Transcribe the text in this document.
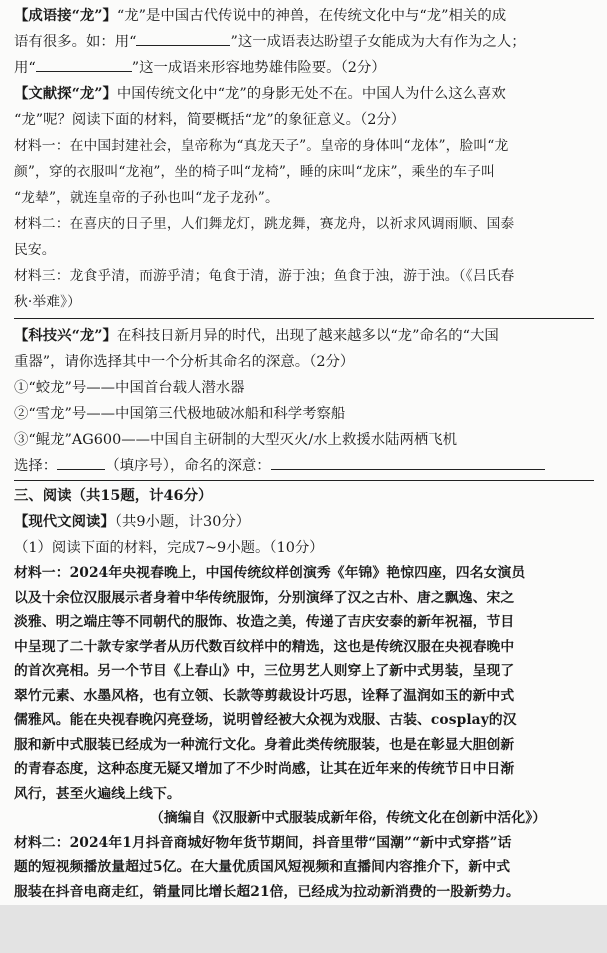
【成语接“龙”】“龙”是中国古代传说中的神兽，在传统文化中与“龙”相关的成

语有很多。如：用“	”这一成语表达盼望子女能成为大有作为之人；

用“	”这一成语来形容地势雄伟险要。（2分）

【文献探“龙”】中国传统文化中“龙”的身影无处不在。中国人为什么这么喜欢

“龙”呢？阅读下面的材料，简要概括“龙”的象征意义。（2分）

材料一：在中国封建社会，皇帝称为“真龙天子”。皇帝的身体叫“龙体”，脸叫“龙

颜”，穿的衣服叫“龙袍”，坐的椅子叫“龙椅”，睡的床叫“龙床”，乘坐的车子叫

“龙辇”，就连皇帝的子孙也叫“龙子龙孙”。

材料二：在喜庆的日子里，人们舞龙灯，跳龙舞，赛龙舟，以祈求风调雨顺、国泰

民安。

材料三：龙食乎清，而游乎清；龟食于清，游于浊；鱼食于浊，游于浊。（《吕氏春

秋·举难》）

【科技兴“龙”】在科技日新月异的时代，出现了越来越多以“龙”命名的“大国

重器”，请你选择其中一个分析其命名的深意。（2分）

①“蛟龙”号——中国首台载人潜水器

②“雪龙”号——中国第三代极地破冰船和科学考察船

③“鲲龙”AG600——中国自主研制的大型灭火/水上救援水陆两栖飞机

选择：	（填序号），命名的深意：

三、阅读（共15题，计46分）

【现代文阅读】（共9小题，计30分）

（1）阅读下面的材料，完成7~9小题。（10分）

材料一：2024年央视春晚上，中国传统纹样创演秀《年锦》艳惊四座，四名女演员

以及十余位汉服展示者身着中华传统服饰，分别演绎了汉之古朴、唐之飘逸、宋之

淡雅、明之端庄等不同朝代的服饰、妆造之美，传递了吉庆安泰的新年祝福，节目

中呈现了二十款专家学者从历代数百纹样中的精选，这也是传统汉服在央视春晚中

的首次亮相。另一个节目《上春山》中，三位男艺人则穿上了新中式男装，呈现了

翠竹元素、水墨风格，也有立领、长款等剪裁设计巧思，诠释了温润如玉的新中式

儒雅风。能在央视春晚闪亮登场，说明曾经被大众视为戏服、古装、cosplay的汉

服和新中式服装已经成为一种流行文化。身着此类传统服装，也是在彰显大胆创新

的青春态度，这种态度无疑又增加了不少时尚感，让其在近年来的传统节日中日渐

风行，甚至火遍线上线下。

（摘编自《汉服新中式服装成新年俗，传统文化在创新中活化》）

材料二：2024年1月抖音商城好物年货节期间，抖音里带“国潮”“新中式穿搭”话

题的短视频播放量超过5亿。在大量优质国风短视频和直播间内容推介下，新中式

服装在抖音电商走红，销量同比增长超21倍，已经成为拉动新消费的一股新势力。
